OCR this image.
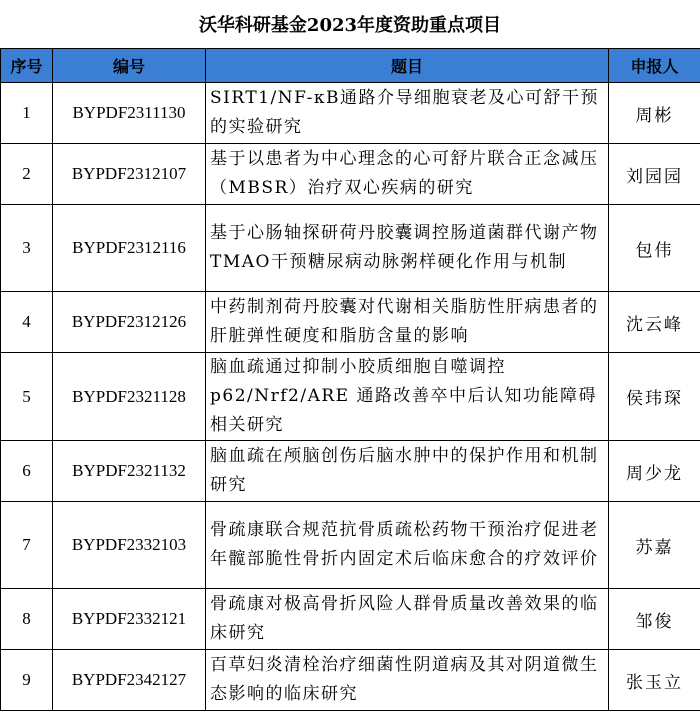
沃华科研基金2023年度资助重点项目
序号	编号	题目	申报人
1	BYPDF2311130	SIRT1/NF-κB通路介导细胞衰老及心可舒干预的实验研究	周彬
2	BYPDF2312107	基于以患者为中心理念的心可舒片联合正念减压（MBSR）治疗双心疾病的研究	刘园园
3	BYPDF2312116	基于心肠轴探研荷丹胶囊调控肠道菌群代谢产物TMAO干预糖尿病动脉粥样硬化作用与机制	包伟
4	BYPDF2312126	中药制剂荷丹胶囊对代谢相关脂肪性肝病患者的肝脏弹性硬度和脂肪含量的影响	沈云峰
5	BYPDF2321128	脑血疏通过抑制小胶质细胞自噬调控p62/Nrf2/ARE 通路改善卒中后认知功能障碍相关研究	侯玮琛
6	BYPDF2321132	脑血疏在颅脑创伤后脑水肿中的保护作用和机制研究	周少龙
7	BYPDF2332103	骨疏康联合规范抗骨质疏松药物干预治疗促进老年髋部脆性骨折内固定术后临床愈合的疗效评价	苏嘉
8	BYPDF2332121	骨疏康对极高骨折风险人群骨质量改善效果的临床研究	邹俊
9	BYPDF2342127	百草妇炎清栓治疗细菌性阴道病及其对阴道微生态影响的临床研究	张玉立
